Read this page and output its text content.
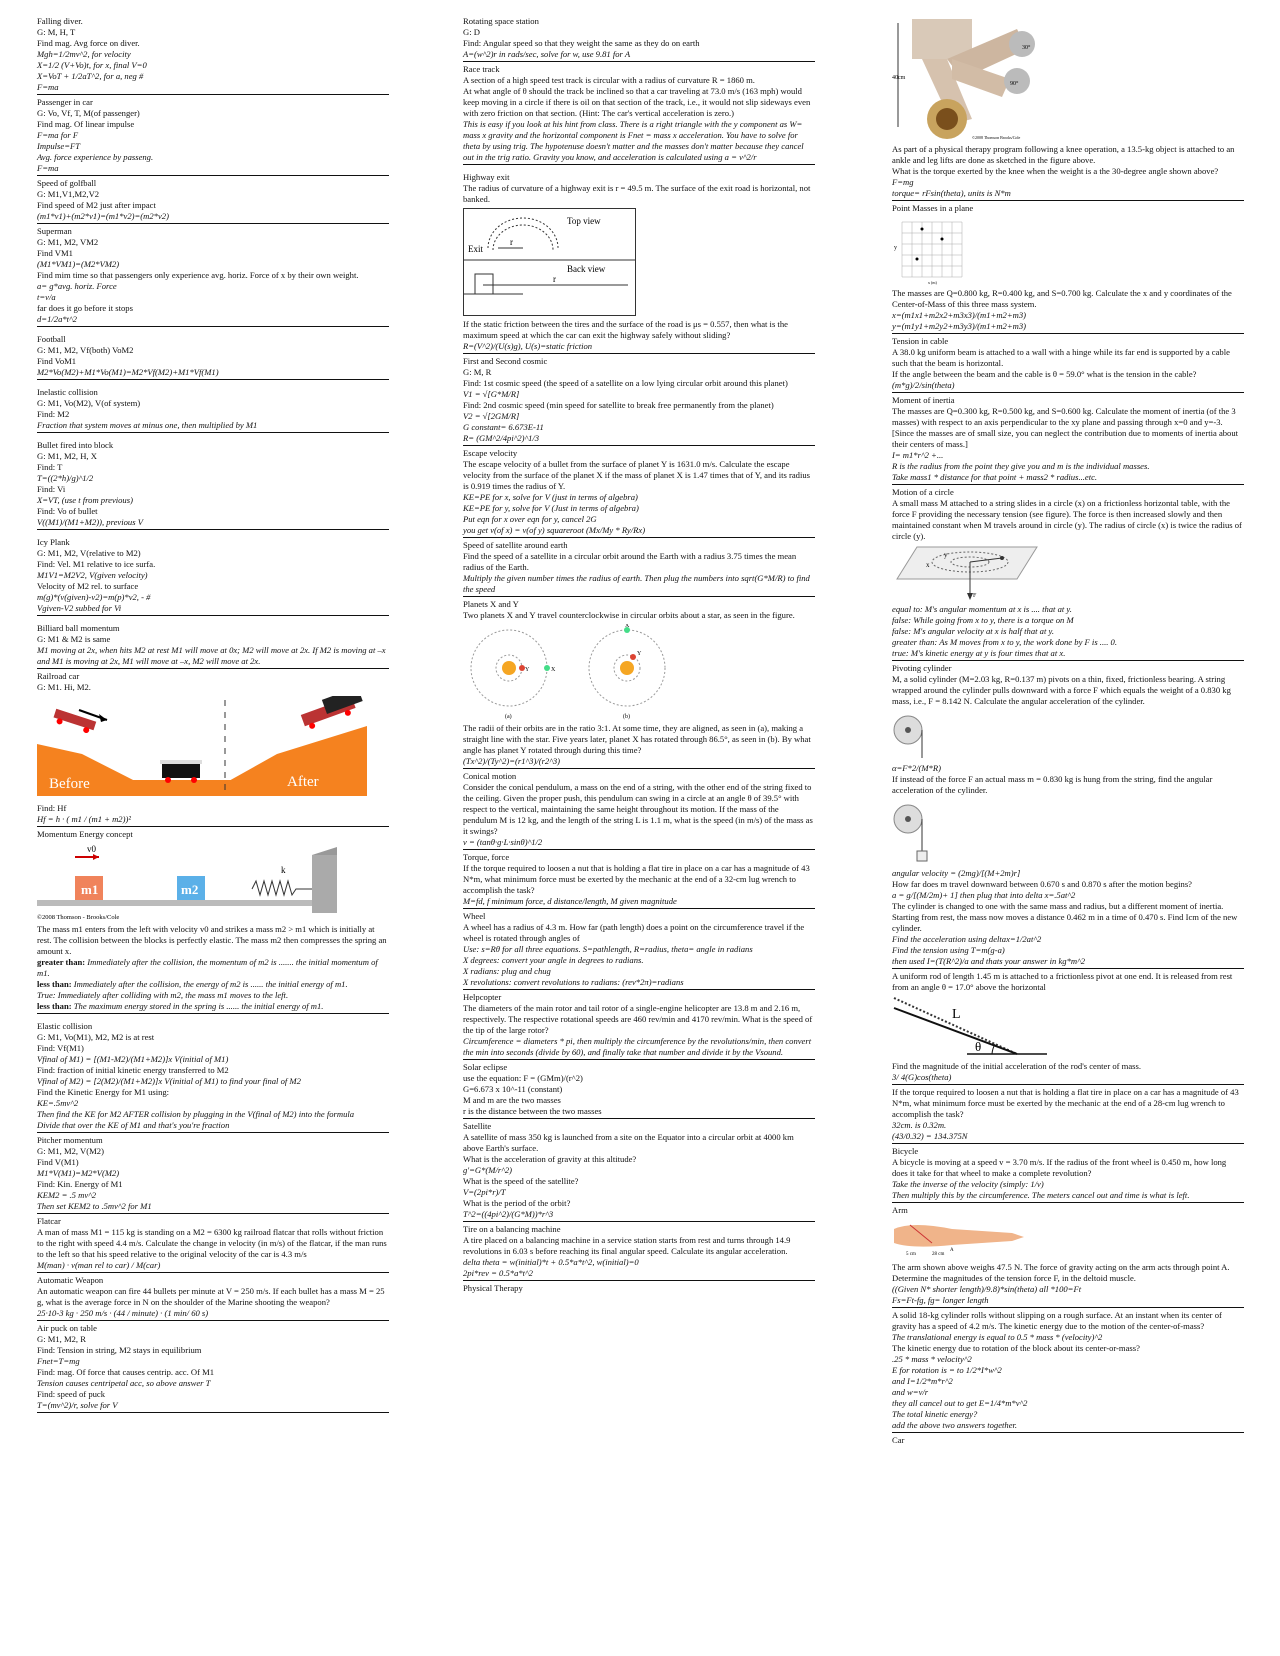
Falling diver.
G: M, H, T
Find mag. Avg force on diver.
Mgh=1/2mv^2, for velocity
X=1/2 (V+Vo)t, for x, final V=0
X=VoT + 1/2aT^2, for a, neg #
F=ma
Passenger in car
G: Vo, Vf, T, M(of passenger)
Find mag. Of linear impulse
F=ma for F
Impulse=FT
Avg. force experience by passeng.
F=ma
Speed of golfball
G: M1,V1,M2,V2
Find speed of M2 just after impact
(m1*v1)+(m2*v1)=(m1*v2)=(m2*v2)
Superman
G: M1, M2, VM2
Find VM1
(M1*VM1)=(M2*VM2)
Find mim time so that passengers only experience avg. horiz. Force of x by their own weight.
a= g*avg. horiz. Force
t=v/a
far does it go before it stops
d=1/2a*t^2
Football
G: M1, M2, Vf(both) VoM2
Find VoM1
M2*Vo(M2)+M1*Vo(M1)=M2*Vf(M2)+M1*Vf(M1)
Inelastic collision
G: M1, Vo(M2), V(of system)
Find: M2
Fraction that system moves at minus one, then multiplied by M1
Bullet fired into block
G: M1, M2, H, X
Find: T
T=((2*h)/g)^1/2
Find: Vi
X=VT, (use t from previous)
Find: Vo of bullet
V((M1)/(M1+M2)), previous V
Icy Plank
G: M1, M2, V(relative to M2)
Find: Vel. M1 relative to ice surfa.
M1V1=M2V2, V(given velocity)
Velocity of M2 rel. to surface
m(g)*(v(given)-v2)=m(p)*v2, - #
Vgiven-V2 subbed for Vi
Billiard ball momentum
G: M1 & M2 is same
M1 moving at 2x, when hits M2 at rest M1 will move at 0x; M2 will move at 2x. If M2 is moving at –x and M1 is moving at 2x, M1 will move at –x, M2 will move at 2x.
Railroad car
G: M1. Hi, M2.
Before	After
Find: Hf
Hf = h · ( m1 / (m1 + m2))²
Momentum Energy concept
v0
m1	m2
k
©2008 Thomson - Brooks/Cole
The mass m1 enters from the left with velocity v0 and strikes a mass m2 > m1 which is initially at rest. The collision between the blocks is perfectly elastic. The mass m2 then compresses the spring an amount x.
greater than: Immediately after the collision, the momentum of m2 is ....... the initial momentum of m1.
less than: Immediately after the collision, the energy of m2 is ...... the initial energy of m1.
True: Immediately after colliding with m2, the mass m1 moves to the left.
less than: The maximum energy stored in the spring is ...... the initial energy of m1.
Elastic collision
G: M1, Vo(M1), M2, M2 is at rest
Find: Vf(M1)
Vfinal of M1) = [(M1-M2)/(M1+M2)]x V(initial of M1)
Find: fraction of initial kinetic energy transferred to M2
Vfinal of M2) = [2(M2)/(M1+M2)]x V(initial of M1) to find your final of M2
Find the Kinetic Energy for M1 using:
KE=.5mv^2
Then find the KE for M2 AFTER collision by plugging in the V(final of M2) into the formula
Divide that over the KE of M1 and that's you're fraction
Pitcher momentum
G: M1, M2, V(M2)
Find V(M1)
M1*V(M1)=M2*V(M2)
Find: Kin. Energy of M1
KEM2 = .5 mv^2
Then set KEM2 to .5mv^2 for M1
Flatcar
A man of mass M1 = 115 kg is standing on a M2 = 6300 kg railroad flatcar that rolls without friction to the right with speed 4.4 m/s. Calculate the change in velocity (in m/s) of the flatcar, if the man runs to the left so that his speed relative to the original velocity of the car is 4.3 m/s
M(man) · v(man rel to car) / M(car)
Automatic Weapon
An automatic weapon can fire 44 bullets per minute at V = 250 m/s. If each bullet has a mass M = 25 g, what is the average force in N on the shoulder of the Marine shooting the weapon?
25·10-3 kg · 250 m/s · (44 / minute) · (1 min/ 60 s)
Air puck on table
G: M1, M2, R
Find: Tension in string, M2 stays in equilibrium
Fnet=T=mg
Find: mag. Of force that causes centrip. acc. Of M1
Tension causes centripetal acc, so above answer T
Find: speed of puck
T=(mv^2)/r, solve for V
Rotating space station
G: D
Find: Angular speed so that they weight the same as they do on earth
A=(w^2)r in rads/sec, solve for w, use 9.81 for A
Race track
A section of a high speed test track is circular with a radius of curvature R = 1860 m.
At what angle of θ should the track be inclined so that a car traveling at 73.0 m/s (163 mph) would keep moving in a circle if there is oil on that section of the track, i.e., it would not slip sideways even with zero friction on that section. (Hint: The car's vertical acceleration is zero.)
This is easy if you look at his hint from class. There is a right triangle with the y component as W= mass x gravity and the horizontal component is Fnet = mass x acceleration. You have to solve for theta by using trig. The hypotenuse doesn't matter and the masses don't matter because they cancel out in the trig ratio. Gravity you know, and acceleration is calculated using a = v^2/r
Highway exit
The radius of curvature of a highway exit is r = 49.5 m. The surface of the exit road is horizontal, not banked.
Top view
Exit
r
Back view
r
If the static friction between the tires and the surface of the road is μs = 0.557, then what is the maximum speed at which the car can exit the highway safely without sliding?
R=(V^2)/(U(s)g), U(s)=static friction
First and Second cosmic
G: M, R
Find: 1st cosmic speed (the speed of a satellite on a low lying circular orbit around this planet)
V1 = √[G*M/R]
Find: 2nd cosmic speed (min speed for satellite to break free permanently from the planet)
V2 = √[2GM/R]
G constant= 6.673E-11
R= (GM^2/4pi^2)^1/3
Escape velocity
The escape velocity of a bullet from the surface of planet Y is 1631.0 m/s. Calculate the escape velocity from the surface of the planet X if the mass of planet X is 1.47 times that of Y, and its radius is 0.919 times the radius of Y.
KE=PE for x, solve for V (just in terms of algebra)
KE=PE for y, solve for V (Just in terms of algebra)
Put eqn for x over eqn for y, cancel 2G
you get v(of x) = v(of y) squareroot (Mx/My * Ry/Rx)
Speed of satellite around earth
Find the speed of a satellite in a circular orbit around the Earth with a radius 3.75 times the mean radius of the Earth.
Multiply the given number times the radius of earth. Then plug the numbers into sqrt(G*M/R) to find the speed
Planets X and Y
Two planets X and Y travel counterclockwise in circular orbits about a star, as seen in the figure.
Y	X
Y
X
(a)	(b)
The radii of their orbits are in the ratio 3:1. At some time, they are aligned, as seen in (a), making a straight line with the star. Five years later, planet X has rotated through 86.5°, as seen in (b). By what angle has planet Y rotated through during this time?
(Tx^2)/(Ty^2)=(r1^3)/(r2^3)
Conical motion
Consider the conical pendulum, a mass on the end of a string, with the other end of the string fixed to the ceiling. Given the proper push, this pendulum can swing in a circle at an angle θ of 39.5° with respect to the vertical, maintaining the same height throughout its motion. If the mass of the pendulum M is 12 kg, and the length of the string L is 1.1 m, what is the speed (in m/s) of the mass as it swings?
v = (tanθ·g·L·sinθ)^1/2
Torque, force
If the torque required to loosen a nut that is holding a flat tire in place on a car has a magnitude of 43 N*m, what minimum force must be exerted by the mechanic at the end of a 32-cm lug wrench to accomplish the task?
M=fd, f minimum force, d distance/length, M given magnitude
Wheel
A wheel has a radius of 4.3 m. How far (path length) does a point on the circumference travel if the wheel is rotated through angles of
Use: s=Rθ for all three equations. S=pathlength, R=radius, theta= angle in radians
X degrees: convert your angle in degrees to radians.
X radians: plug and chug
X revolutions: convert revolutions to radians: (rev*2π)=radians
Helpcopter
The diameters of the main rotor and tail rotor of a single-engine helicopter are 13.8 m and 2.16 m, respectively. The respective rotational speeds are 460 rev/min and 4170 rev/min. What is the speed of the tip of the large rotor?
Circumference = diameters * pi, then multiply the circumference by the revolutions/min, then convert the min into seconds (divide by 60), and finally take that number and divide it by the Vsound.
Solar eclipse
use the equation: F = (GMm)/(r^2)
G=6.673 x 10^-11 (constant)
M and m are the two masses
r is the distance between the two masses
Satellite
A satellite of mass 350 kg is launched from a site on the Equator into a circular orbit at 4000 km above Earth's surface.
What is the acceleration of gravity at this altitude?
g'=G*(M/r^2)
What is the speed of the satellite?
V=(2pi*r)/T
What is the period of the orbit?
T^2=((4pi^2)/(G*M))*r^3
Tire on a balancing machine
A tire placed on a balancing machine in a service station starts from rest and turns through 14.9 revolutions in 6.03 s before reaching its final angular speed. Calculate its angular acceleration.
delta theta = w(initial)*t + 0.5*a*t^2, w(initial)=0
2pi*rev = 0.5*a*t^2
Physical Therapy
40cm
30°
90°
©2008 Thomson Brooks/Cole
As part of a physical therapy program following a knee operation, a 13.5-kg object is attached to an ankle and leg lifts are done as sketched in the figure above.
What is the torque exerted by the knee when the weight is a the 30-degree angle shown above?
F=mg
torque= rFsin(theta), units is N*m
Point Masses in a plane
y
x (m)
The masses are Q=0.800 kg, R=0.400 kg, and S=0.700 kg. Calculate the x and y coordinates of the Center-of-Mass of this three mass system.
x=(m1x1+m2x2+m3x3)/(m1+m2+m3)
y=(m1y1+m2y2+m3y3)/(m1+m2+m3)
Tension in cable
A 38.0 kg uniform beam is attached to a wall with a hinge while its far end is supported by a cable such that the beam is horizontal.
If the angle between the beam and the cable is θ = 59.0° what is the tension in the cable?
(m*g)/2/sin(theta)
Moment of inertia
The masses are Q=0.300 kg, R=0.500 kg, and S=0.600 kg. Calculate the moment of inertia (of the 3 masses) with respect to an axis perpendicular to the xy plane and passing through x=0 and y=-3. [Since the masses are of small size, you can neglect the contribution due to moments of inertia about their centers of mass.]
I= m1*r^2 +...
R is the radius from the point they give you and m is the individual masses.
Take mass1 * distance for that point + mass2 * radius...etc.
Motion of a circle
A small mass M attached to a string slides in a circle (x) on a frictionless horizontal table, with the force F providing the necessary tension (see figure). The force is then increased slowly and then maintained constant when M travels around in circle (y). The radius of circle (x) is twice the radius of circle (y).
x
y
F
equal to: M's angular momentum at x is .... that at y.
false: While going from x to y, there is a torque on M
false: M's angular velocity at x is half that at y.
greater than: As M moves from x to y, the work done by F is .... 0.
true: M's kinetic energy at y is four times that at x.
Pivoting cylinder
M, a solid cylinder (M=2.03 kg, R=0.137 m) pivots on a thin, fixed, frictionless bearing. A string wrapped around the cylinder pulls downward with a force F which equals the weight of a 0.830 kg mass, i.e., F = 8.142 N. Calculate the angular acceleration of the cylinder.
α=F*2/(M*R)
If instead of the force F an actual mass m = 0.830 kg is hung from the string, find the angular acceleration of the cylinder.
angular velocity = (2mg)/[(M+2m)r]
How far does m travel downward between 0.670 s and 0.870 s after the motion begins?
a = g/[(M/2m)+ 1] then plug that into delta x=.5at^2
The cylinder is changed to one with the same mass and radius, but a different moment of inertia. Starting from rest, the mass now moves a distance 0.462 m in a time of 0.470 s. Find Icm of the new cylinder.
Find the acceleration using deltax=1/2at^2
Find the tension using T=m(g-a)
then used I=(T(R^2)/a and thats your answer in kg*m^2
A uniform rod of length 1.45 m is attached to a frictionless pivot at one end. It is released from rest from an angle θ = 17.0° above the horizontal
L
θ
Find the magnitude of the initial acceleration of the rod's center of mass.
3/ 4(G)cos(theta)
If the torque required to loosen a nut that is holding a flat tire in place on a car has a magnitude of 43 N*m, what minimum force must be exerted by the mechanic at the end of a 28-cm lug wrench to accomplish the task?
32cm. is 0.32m.
(43/0.32) = 134.375N
Bicycle
A bicycle is moving at a speed v = 3.70 m/s. If the radius of the front wheel is 0.450 m, how long does it take for that wheel to make a complete revolution?
Take the inverse of the velocity (simply: 1/v)
Then multiply this by the circumference. The meters cancel out and time is what is left.
Arm
5 cm	28 cm
A
The arm shown above weighs 47.5 N. The force of gravity acting on the arm acts through point A. Determine the magnitudes of the tension force F, in the deltoid muscle.
((Given N* shorter length)/9.8)*sin(theta) all *100=Ft
Fs=Ft-fg, fg= longer length
A solid 18-kg cylinder rolls without slipping on a rough surface. At an instant when its center of gravity has a speed of 4.2 m/s. The kinetic energy due to the motion of the center-of-mass?
The translational energy is equal to 0.5 * mass * (velocity)^2
The kinetic energy due to rotation of the block about its center-or-mass?
.25 * mass * velocity^2
E for rotation is = to 1/2*I*w^2
and I=1/2*m*r^2
and w=v/r
they all cancel out to get E=1/4*m*v^2
The total kinetic energy?
add the above two answers together.
Car
